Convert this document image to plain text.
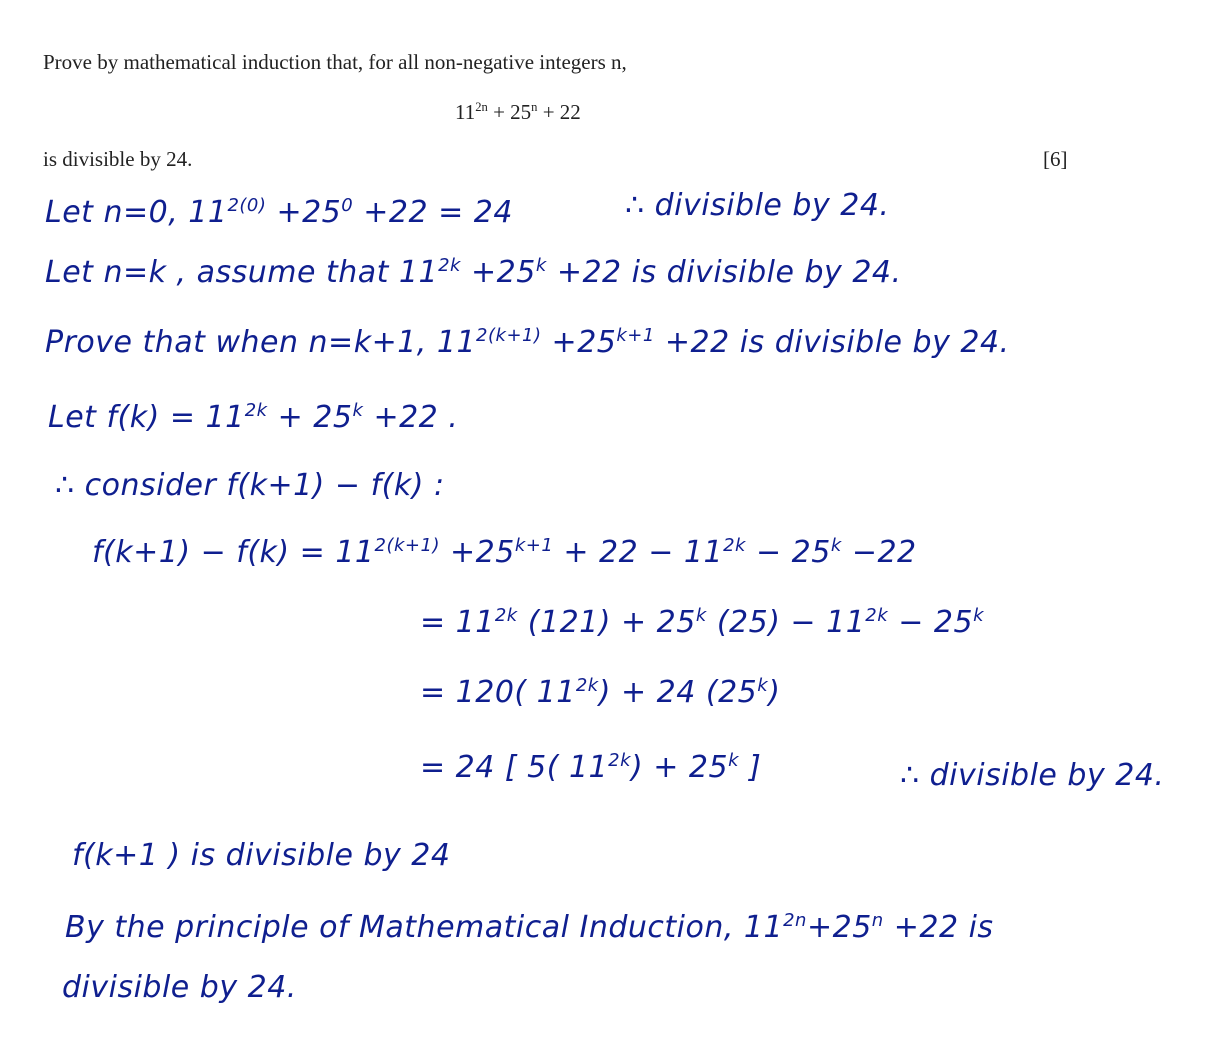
Prove by mathematical induction that, for all non-negative integers n,
$11^{2n} + 25^n + 22$
is divisible by 24.	[6]
Let n=0, $11^{2(0)} +25^0 +22 = 24$	∴ divisible by 24.
Let n=k , assume that $11^{2k} +25^k +22$ is divisible by 24.
Prove that when n=k+1, $11^{2(k+1)} +25^{k+1} +22$ is divisible by 24.
Let $f(k) = 11^{2k} + 25^k +22$ .
∴ consider f(k+1) − f(k) :
$f(k+1) - f(k) = 11^{2(k+1)} +25^{k+1} + 22 - 11^{2k} - 25^k -22$
= $11^{2k}$ $(121) + 25^k$ $(25) - 11^{2k} - 25^k$
= 120( $11^{2k}) + 24$ $(25^k)$
= 24 [ 5( $11^{2k}) + 25^k$ ]	∴ divisible by 24.
f(k+1 ) is divisible by 24
By the principle of Mathematical Induction, $11^{2n}+25^n +22$ is
divisible by 24.
